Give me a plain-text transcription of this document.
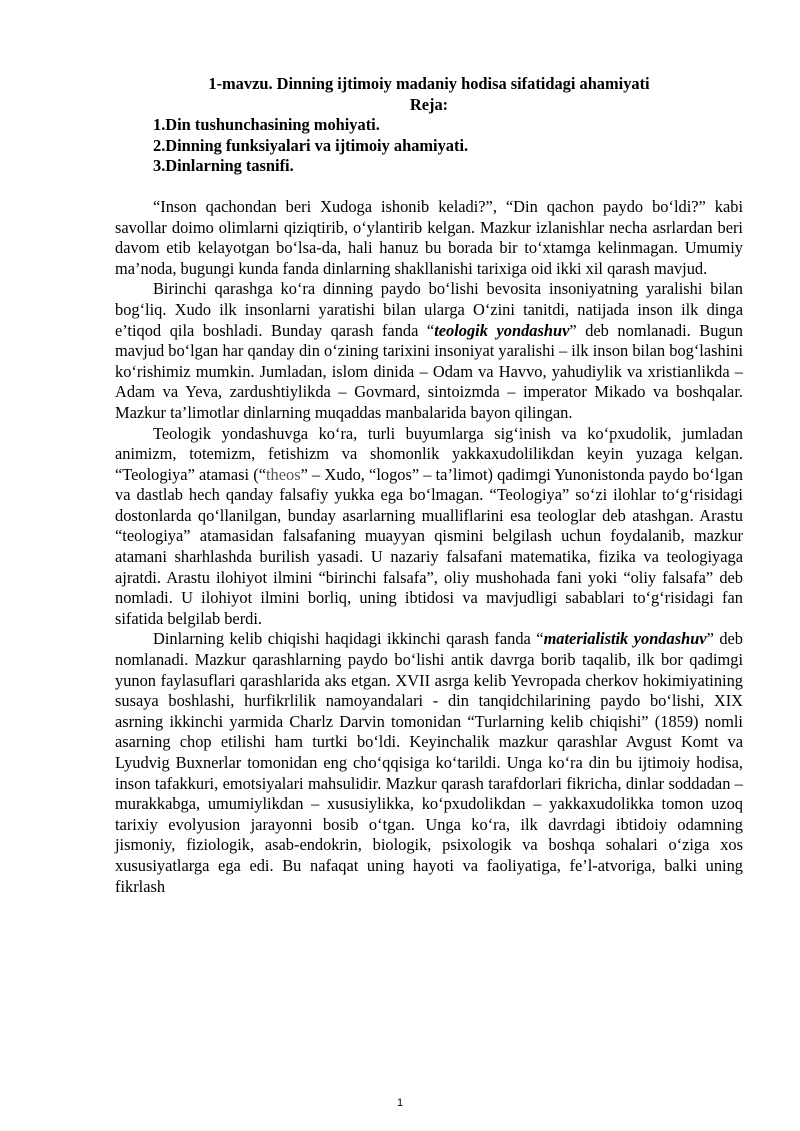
1-mavzu. Dinning ijtimoiy madaniy hodisa sifatidagi ahamiyati

Reja:

1.Din tushunchasining mohiyati.
2.Dinning funksiyalari va ijtimoiy ahamiyati.
3.Dinlarning tasnifi.

“Inson qachondan beri Xudoga ishonib keladi?”, “Din qachon paydo bo‘ldi?” kabi savollar doimo olimlarni qiziqtirib, o‘ylantirib kelgan. Mazkur izlanishlar necha asrlardan beri davom etib kelayotgan bo‘lsa-da, hali hanuz bu borada bir to‘xtamga kelinmagan. Umumiy ma’noda, bugungi kunda fanda dinlarning shakllanishi tarixiga oid ikki xil qarash mavjud.

Birinchi qarashga ko‘ra dinning paydo bo‘lishi bevosita insoniyatning yaralishi bilan bog‘liq. Xudo ilk insonlarni yaratishi bilan ularga O‘zini tanitdi, natijada inson ilk dinga e’tiqod qila boshladi. Bunday qarash fanda “teologik yondashuv” deb nomlanadi. Bugun mavjud bo‘lgan har qanday din o‘zining tarixini insoniyat yaralishi – ilk inson bilan bog‘lashini ko‘rishimiz mumkin. Jumladan, islom dinida – Odam va Havvo, yahudiylik va xristianlikda – Adam va Yeva, zardushtiylikda – Govmard, sintoizmda – imperator Mikado va boshqalar. Mazkur ta’limotlar dinlarning muqaddas manbalarida bayon qilingan.

Teologik yondashuvga ko‘ra, turli buyumlarga sig‘inish va ko‘pxudolik, jumladan animizm, totemizm, fetishizm va shomonlik yakkaxudolilikdan keyin yuzaga kelgan. “Teologiya” atamasi (“theos” – Xudo, “logos” – ta’limot) qadimgi Yunonistonda paydo bo‘lgan va dastlab hech qanday falsafiy yukka ega bo‘lmagan. “Teologiya” so‘zi ilohlar to‘g‘risidagi dostonlarda qo‘llanilgan, bunday asarlarning mualliflarini esa teologlar deb atashgan. Arastu “teologiya” atamasidan falsafaning muayyan qismini belgilash uchun foydalanib, mazkur atamani sharhlashda burilish yasadi. U nazariy falsafani matematika, fizika va teologiyaga ajratdi. Arastu ilohiyot ilmini “birinchi falsafa”, oliy mushohada fani yoki “oliy falsafa” deb nomladi. U ilohiyot ilmini borliq, uning ibtidosi va mavjudligi sabablari to‘g‘risidagi fan sifatida belgilab berdi.

Dinlarning kelib chiqishi haqidagi ikkinchi qarash fanda “materialistik yondashuv” deb nomlanadi. Mazkur qarashlarning paydo bo‘lishi antik davrga borib taqalib, ilk bor qadimgi yunon faylasuflari qarashlarida aks etgan. XVII asrga kelib Yevropada cherkov hokimiyatining susaya boshlashi, hurfikrlilik namoyandalari - din tanqidchilarining paydo bo‘lishi, XIX asrning ikkinchi yarmida Charlz Darvin tomonidan “Turlarning kelib chiqishi” (1859) nomli asarning chop etilishi ham turtki bo‘ldi. Keyinchalik mazkur qarashlar Avgust Komt va Lyudvig Buxnerlar tomonidan eng cho‘qqisiga ko‘tarildi. Unga ko‘ra din bu ijtimoiy hodisa, inson tafakkuri, emotsiyalari mahsulidir. Mazkur qarash tarafdorlari fikricha, dinlar soddadan – murakkabga, umumiylikdan – xususiylikka, ko‘pxudolikdan – yakkaxudolikka tomon uzoq tarixiy evolyusion jarayonni bosib o‘tgan. Unga ko‘ra, ilk davrdagi ibtidoiy odamning jismoniy, fiziologik, asab-endokrin, biologik, psixologik va boshqa sohalari o‘ziga xos xususiyatlarga ega edi. Bu nafaqat uning hayoti va faoliyatiga, fe’l-atvoriga, balki uning fikrlash

1
